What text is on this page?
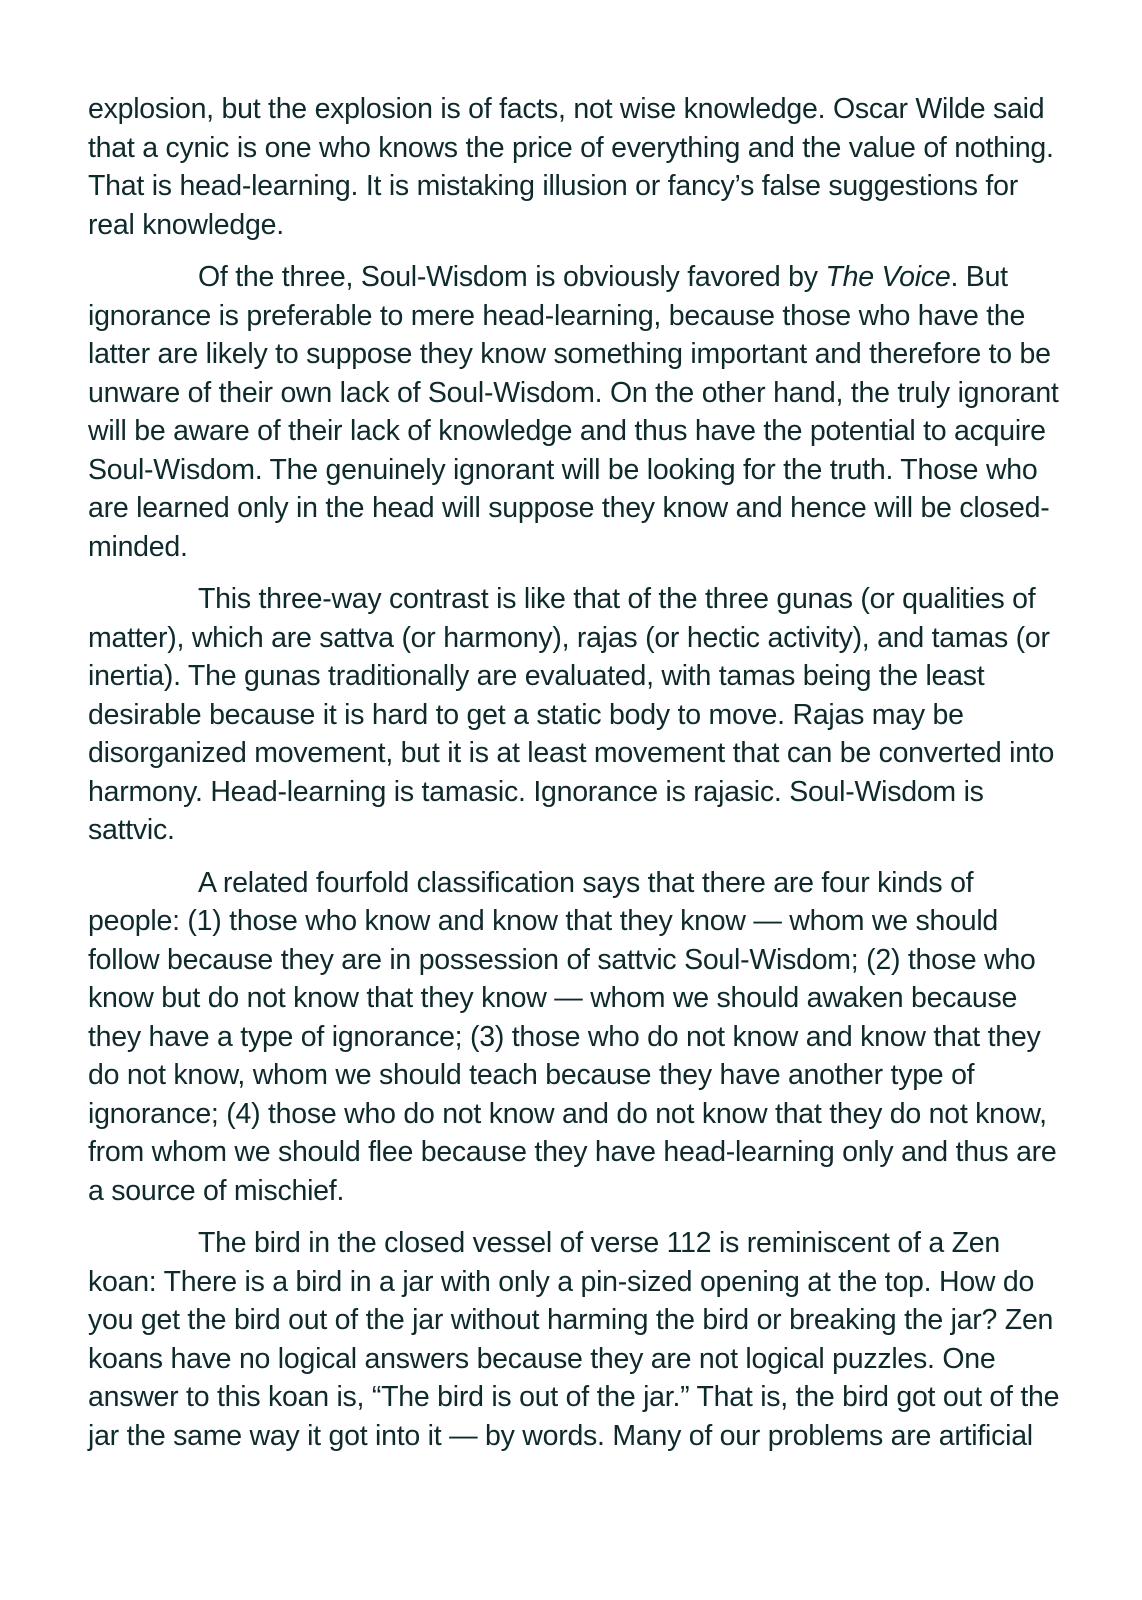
explosion, but the explosion is of facts, not wise knowledge. Oscar Wilde said
that a cynic is one who knows the price of everything and the value of nothing.
That is head-learning. It is mistaking illusion or fancy’s false suggestions for
real knowledge.
Of the three, Soul-Wisdom is obviously favored by The Voice. But
ignorance is preferable to mere head-learning, because those who have the
latter are likely to suppose they know something important and therefore to be
unware of their own lack of Soul-Wisdom. On the other hand, the truly ignorant
will be aware of their lack of knowledge and thus have the potential to acquire
Soul-Wisdom. The genuinely ignorant will be looking for the truth. Those who
are learned only in the head will suppose they know and hence will be closed-
minded.
This three-way contrast is like that of the three gunas (or qualities of
matter), which are sattva (or harmony), rajas (or hectic activity), and tamas (or
inertia). The gunas traditionally are evaluated, with tamas being the least
desirable because it is hard to get a static body to move. Rajas may be
disorganized movement, but it is at least movement that can be converted into
harmony. Head-learning is tamasic. Ignorance is rajasic. Soul-Wisdom is
sattvic.
A related fourfold classification says that there are four kinds of
people: (1) those who know and know that they know — whom we should
follow because they are in possession of sattvic Soul-Wisdom; (2) those who
know but do not know that they know — whom we should awaken because
they have a type of ignorance; (3) those who do not know and know that they
do not know, whom we should teach because they have another type of
ignorance; (4) those who do not know and do not know that they do not know,
from whom we should flee because they have head-learning only and thus are
a source of mischief.
The bird in the closed vessel of verse 112 is reminiscent of a Zen
koan: There is a bird in a jar with only a pin-sized opening at the top. How do
you get the bird out of the jar without harming the bird or breaking the jar? Zen
koans have no logical answers because they are not logical puzzles. One
answer to this koan is, “The bird is out of the jar.” That is, the bird got out of the
jar the same way it got into it — by words. Many of our problems are artificial
